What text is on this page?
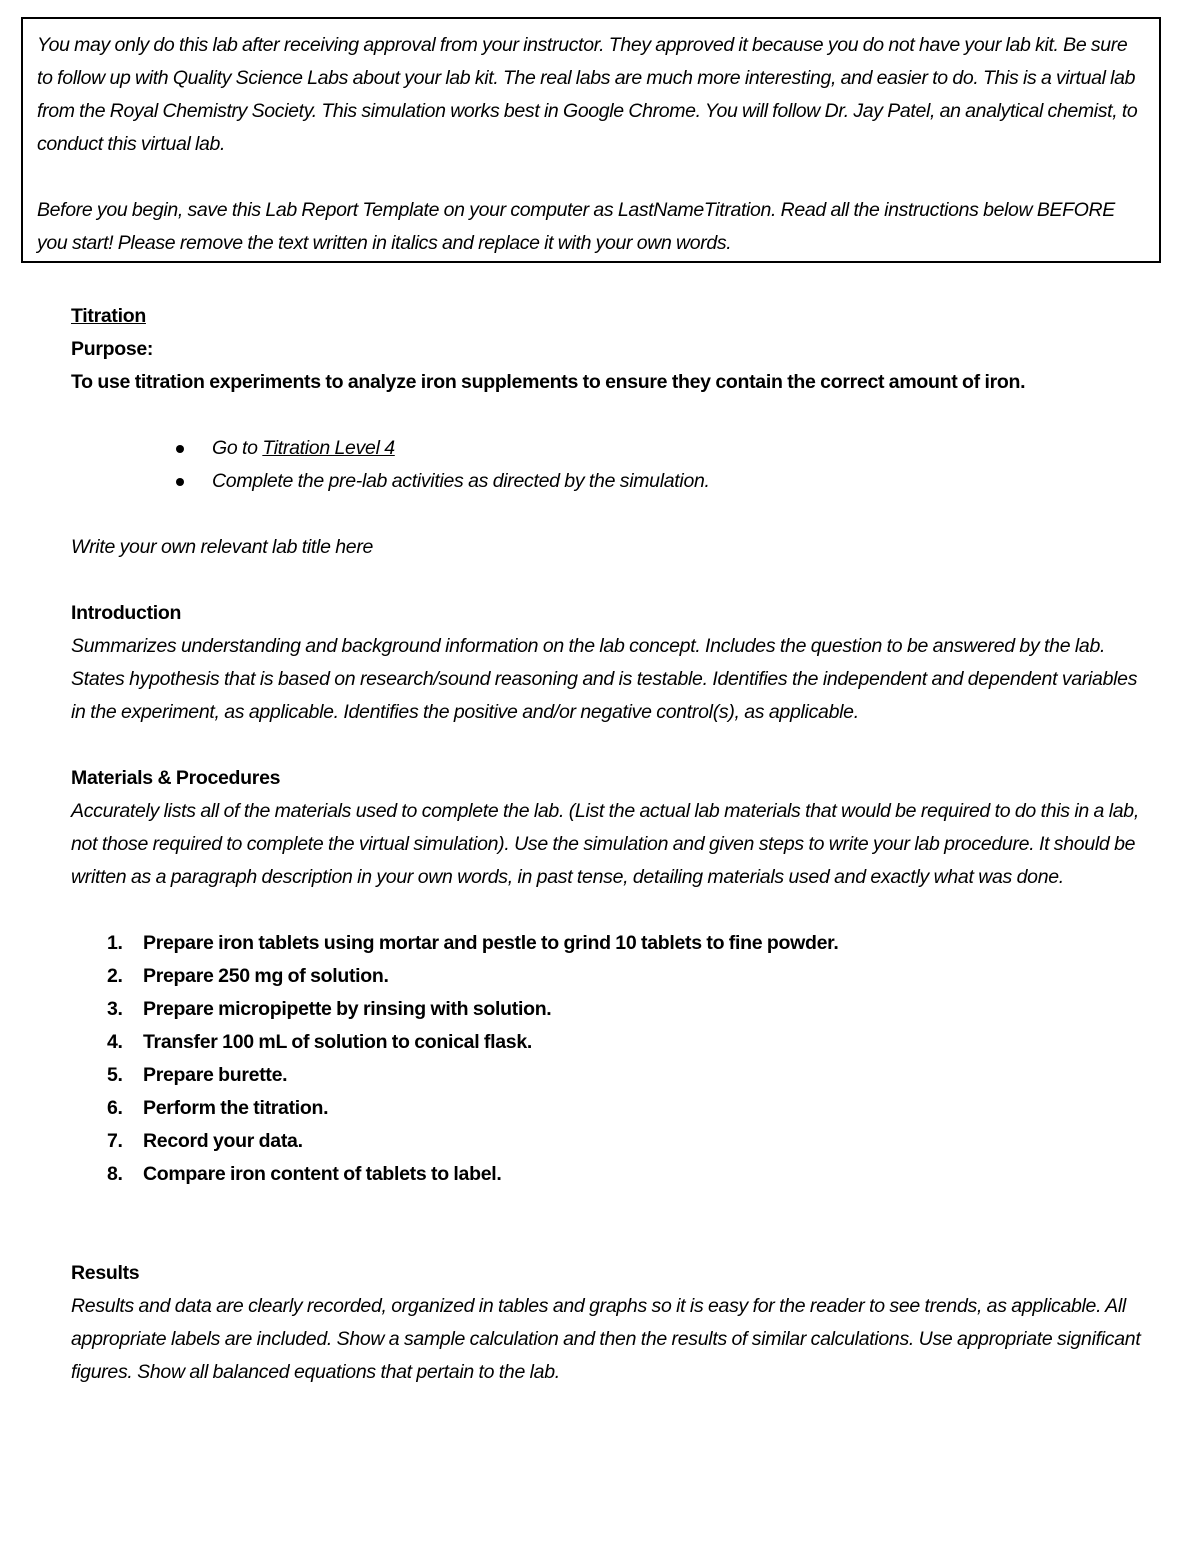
You may only do this lab after receiving approval from your instructor. They approved it because you do not have your lab kit. Be sure to follow up with Quality Science Labs about your lab kit. The real labs are much more interesting, and easier to do. This is a virtual lab from the Royal Chemistry Society. This simulation works best in Google Chrome. You will follow Dr. Jay Patel, an analytical chemist, to conduct this virtual lab.

Before you begin, save this Lab Report Template on your computer as LastNameTitration. Read all the instructions below BEFORE you start! Please remove the text written in italics and replace it with your own words.

Titration

Purpose:

To use titration experiments to analyze iron supplements to ensure they contain the correct amount of iron.

Go to Titration Level 4
Complete the pre-lab activities as directed by the simulation.

Write your own relevant lab title here

Introduction

Summarizes understanding and background information on the lab concept. Includes the question to be answered by the lab. States hypothesis that is based on research/sound reasoning and is testable. Identifies the independent and dependent variables in the experiment, as applicable. Identifies the positive and/or negative control(s), as applicable.

Materials & Procedures

Accurately lists all of the materials used to complete the lab. (List the actual lab materials that would be required to do this in a lab, not those required to complete the virtual simulation). Use the simulation and given steps to write your lab procedure. It should be written as a paragraph description in your own words, in past tense, detailing materials used and exactly what was done.

1. Prepare iron tablets using mortar and pestle to grind 10 tablets to fine powder.
2. Prepare 250 mg of solution.
3. Prepare micropipette by rinsing with solution.
4. Transfer 100 mL of solution to conical flask.
5. Prepare burette.
6. Perform the titration.
7. Record your data.
8. Compare iron content of tablets to label.

Results

Results and data are clearly recorded, organized in tables and graphs so it is easy for the reader to see trends, as applicable. All appropriate labels are included. Show a sample calculation and then the results of similar calculations. Use appropriate significant figures. Show all balanced equations that pertain to the lab.
